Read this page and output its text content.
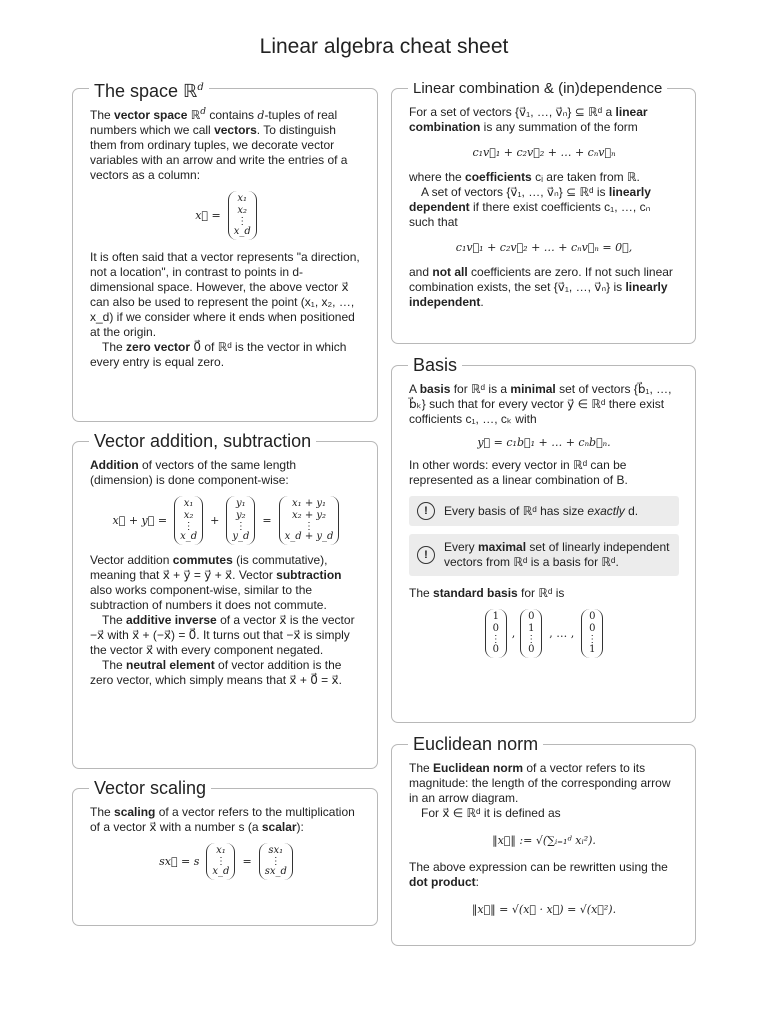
Linear algebra cheat sheet
The space ℝ$^d$

The vector space ℝ$^d$ contains d-tuples of real numbers which we call vectors. To distinguish them from ordinary tuples, we decorate vector variables with an arrow and write the entries of a vectors as a column:

x⃗ =
x₁
x₂
⋮
x_d

It is often said that a vector represents "a direction, not a location", in contrast to points in d-dimensional space. However, the above vector x⃗ can also be used to represent the point (x₁, x₂, …, x_d) if we consider where it ends when positioned at the origin.

The zero vector 0⃗ of ℝᵈ is the vector in which every entry is equal zero.

Vector addition, subtraction

Addition of vectors of the same length (dimension) is done component-wise:

x⃗ + y⃗ =
x₁
x₂
⋮
x_d
+
y₁
y₂
⋮
y_d
=
x₁ + y₁
x₂ + y₂
⋮
x_d + y_d

Vector addition commutes (is commutative), meaning that x⃗ + y⃗ = y⃗ + x⃗. Vector subtraction also works component-wise, similar to the subtraction of numbers it does not commute.

The additive inverse of a vector x⃗ is the vector −x⃗ with x⃗ + (−x⃗) = 0⃗. It turns out that −x⃗ is simply the vector x⃗ with every component negated.

The neutral element of vector addition is the zero vector, which simply means that x⃗ + 0⃗ = x⃗.

Vector scaling

The scaling of a vector refers to the multiplication of a vector x⃗ with a number s (a scalar):

sx⃗ = s
x₁
⋮
x_d
=
sx₁
⋮
sx_d
Linear combination & (in)dependence

For a set of vectors {v⃗₁, …, v⃗ₙ} ⊆ ℝᵈ a linear combination is any summation of the form

c₁v⃗₁ + c₂v⃗₂ + … + cₙv⃗ₙ

where the coefficients cᵢ are taken from ℝ.

A set of vectors {v⃗₁, …, v⃗ₙ} ⊆ ℝᵈ is linearly dependent if there exist coefficients c₁, …, cₙ such that

c₁v⃗₁ + c₂v⃗₂ + … + cₙv⃗ₙ = 0⃗,

and not all coefficients are zero. If not such linear combination exists, the set {v⃗₁, …, v⃗ₙ} is linearly independent.

Basis

A basis for ℝᵈ is a minimal set of vectors {b⃗₁, …, b⃗ₖ} such that for every vector y⃗ ∈ ℝᵈ there exist cofficients c₁, …, cₖ with

y⃗ = c₁b⃗₁ + … + cₙb⃗ₙ.

In other words: every vector in ℝᵈ can be represented as a linear combination of B.

!	Every basis of ℝᵈ has size exactly d.
!
Every maximal set of linearly independent vectors from ℝᵈ is a basis for ℝᵈ.

The standard basis for ℝᵈ is

1
0
⋮
0
,
0
1
⋮
0
, … ,
0
0
⋮
1
Euclidean norm

The Euclidean norm of a vector refers to its magnitude: the length of the corresponding arrow in an arrow diagram.

For x⃗ ∈ ℝᵈ it is defined as

‖x⃗‖ := √(∑ᵢ₌₁ᵈ xᵢ²).

The above expression can be rewritten using the dot product:

‖x⃗‖ = √(x⃗ · x⃗) = √(x⃗²).
